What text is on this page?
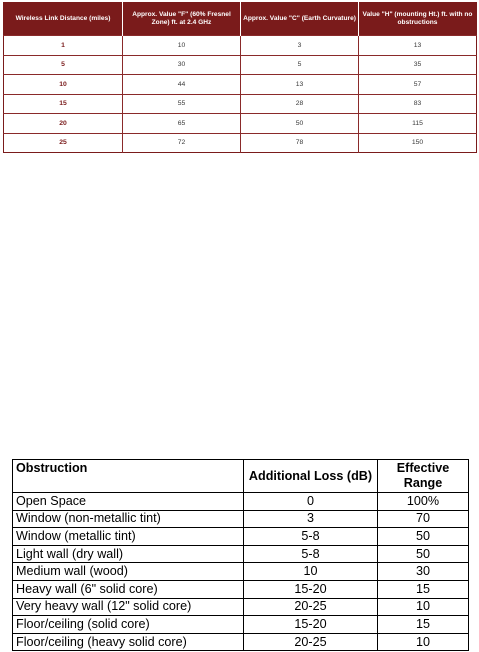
Wireless Link Distance (miles)	Approx. Value "F" (60% Fresnel Zone) ft. at 2.4 GHz	Approx. Value "C" (Earth Curvature)	Value "H" (mounting Ht.) ft. with no obstructions
1	10	3	13
5	30	5	35
10	44	13	57
15	55	28	83
20	65	50	115
25	72	78	150
Obstruction	Additional Loss (dB)	Effective Range
Open Space	0	100%
Window (non-metallic tint)	3	70
Window (metallic tint)	5-8	50
Light wall (dry wall)	5-8	50
Medium wall (wood)	10	30
Heavy wall (6" solid core)	15-20	15
Very heavy wall (12" solid core)	20-25	10
Floor/ceiling (solid core)	15-20	15
Floor/ceiling (heavy solid core)	20-25	10
